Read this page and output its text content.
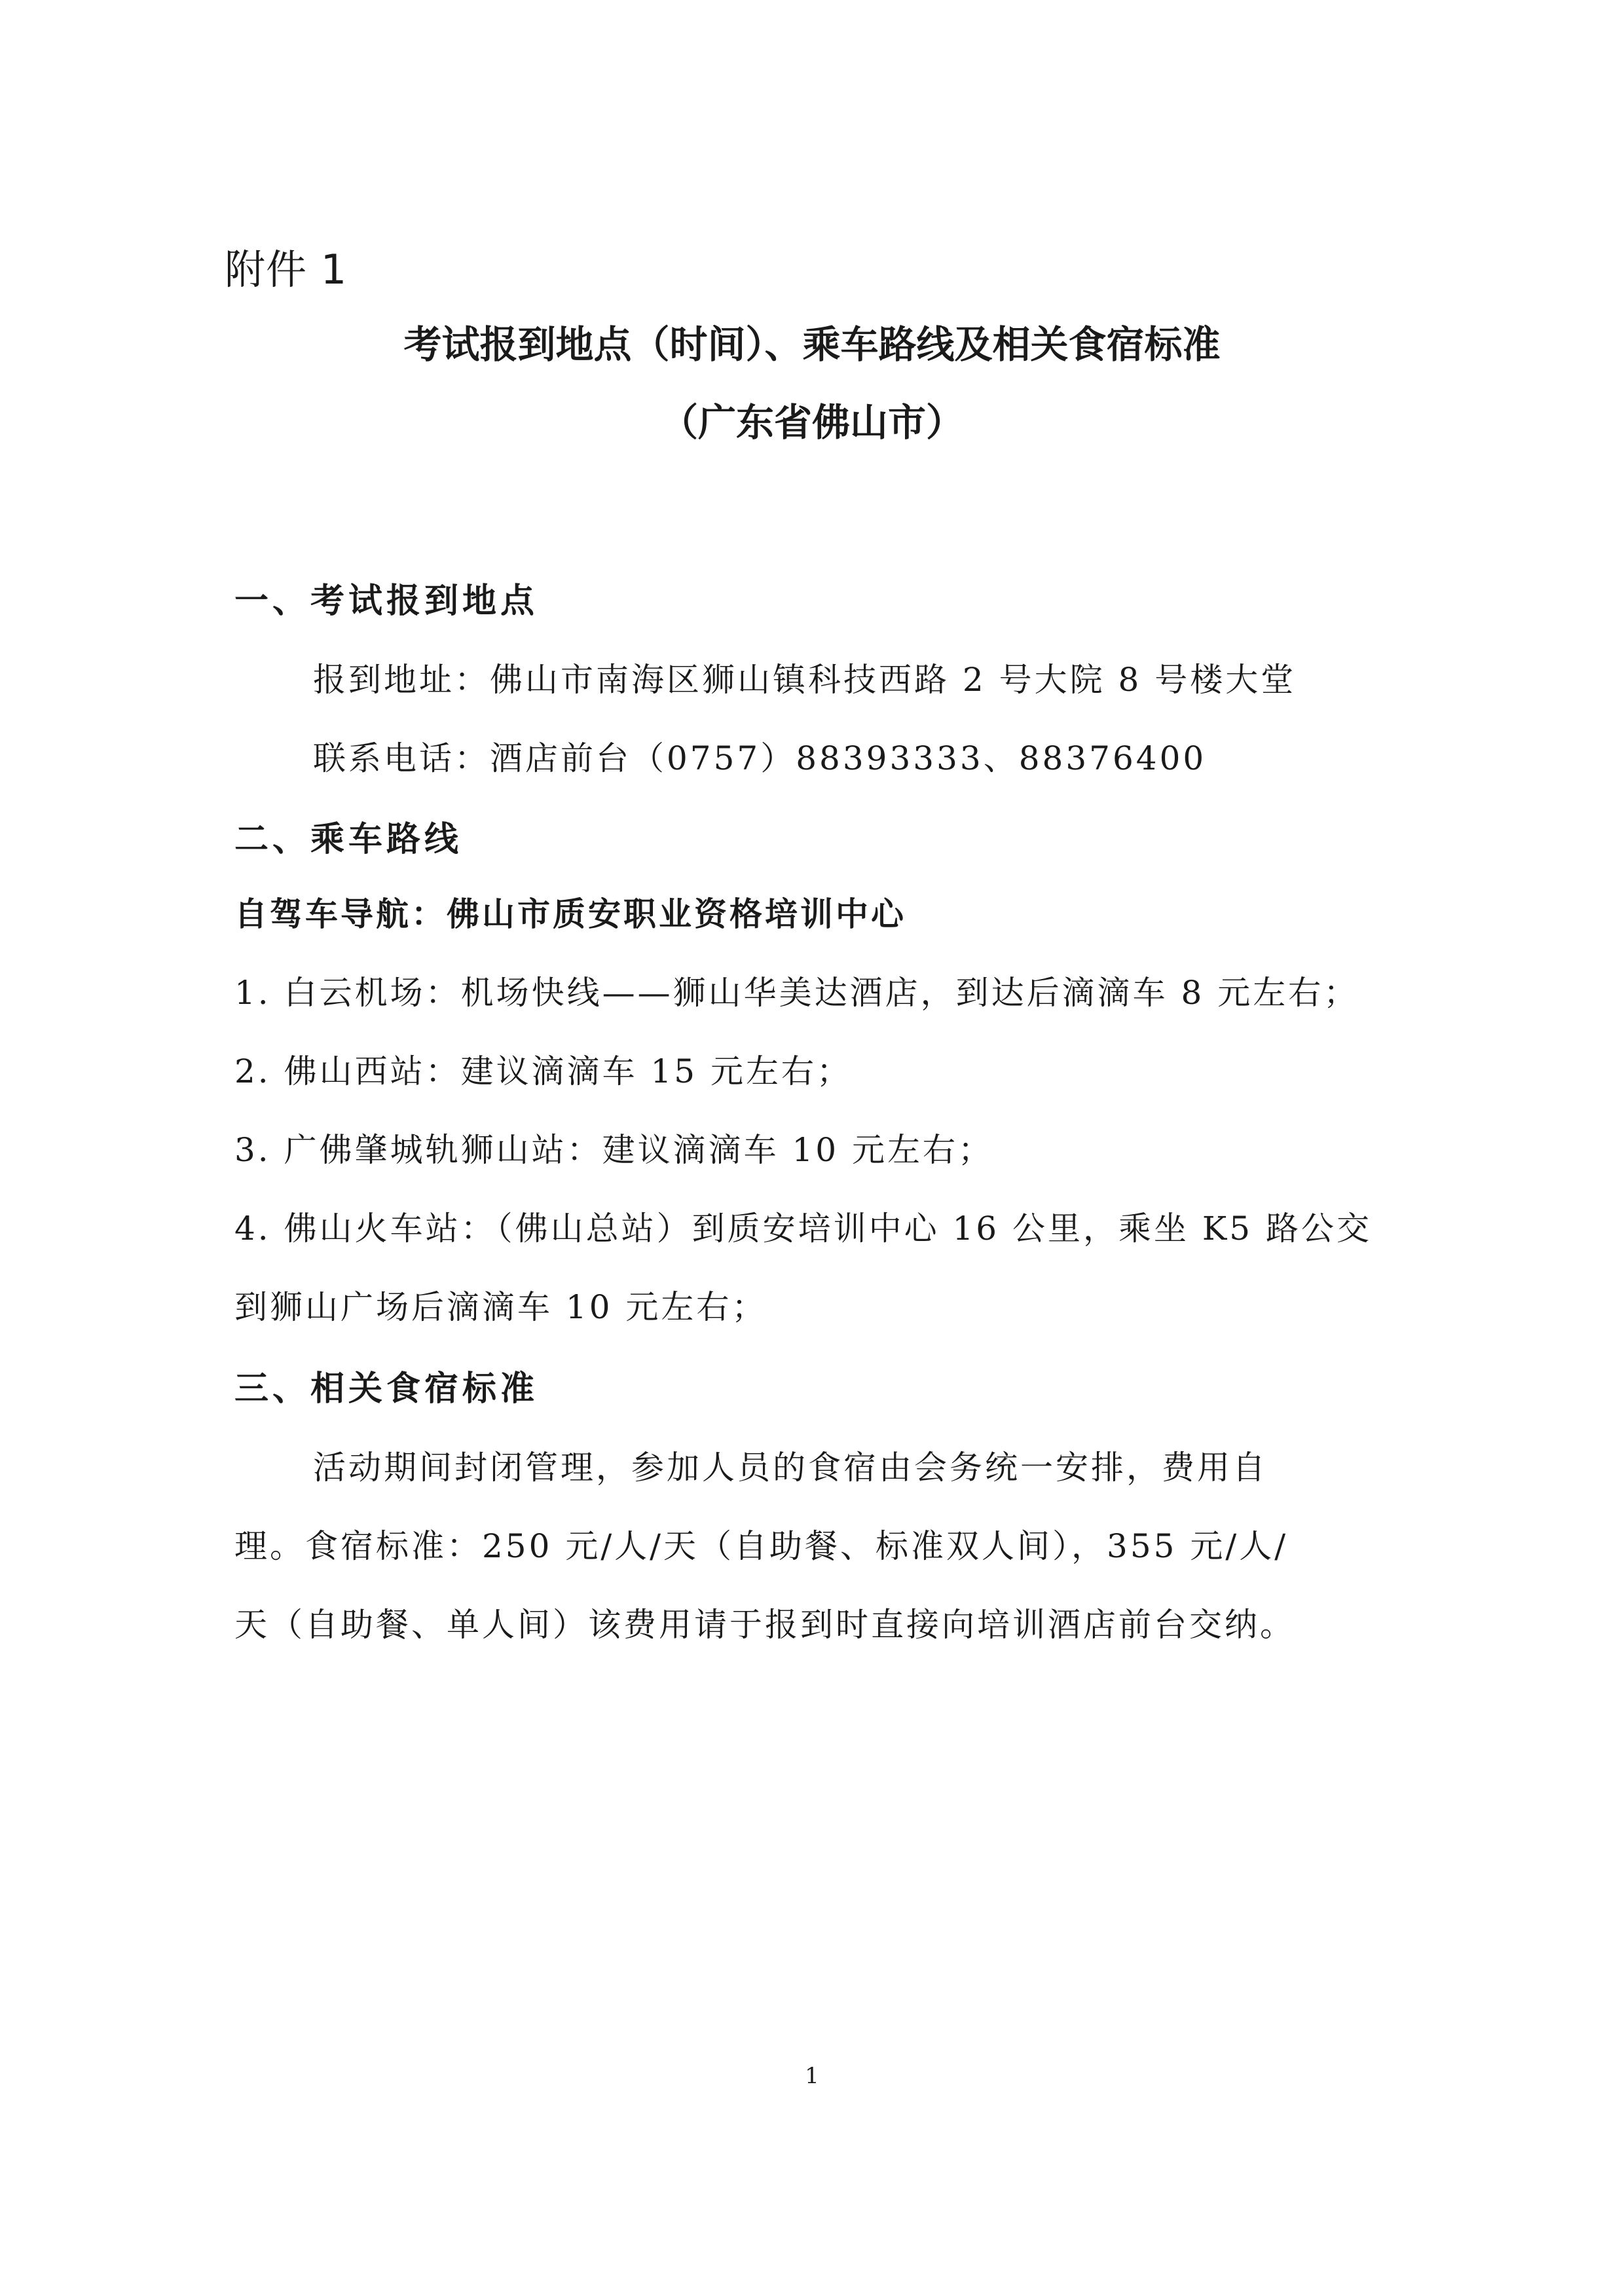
附件 1
考试报到地点（时间）、乘车路线及相关食宿标准
（广东省佛山市）
一、考试报到地点
报到地址：佛山市南海区狮山镇科技西路 2 号大院 8 号楼大堂
联系电话：酒店前台（0757）88393333、88376400
二、乘车路线
自驾车导航：佛山市质安职业资格培训中心
1. 白云机场：机场快线——狮山华美达酒店，到达后滴滴车 8 元左右；
2. 佛山西站：建议滴滴车 15 元左右；
3. 广佛肇城轨狮山站：建议滴滴车 10 元左右；
4. 佛山火车站：（佛山总站）到质安培训中心 16 公里，乘坐 K5 路公交
到狮山广场后滴滴车 10 元左右；
三、相关食宿标准
活动期间封闭管理，参加人员的食宿由会务统一安排，费用自
理。食宿标准：250 元/人/天（自助餐、标准双人间），355 元/人/
天（自助餐、单人间）该费用请于报到时直接向培训酒店前台交纳。
1
